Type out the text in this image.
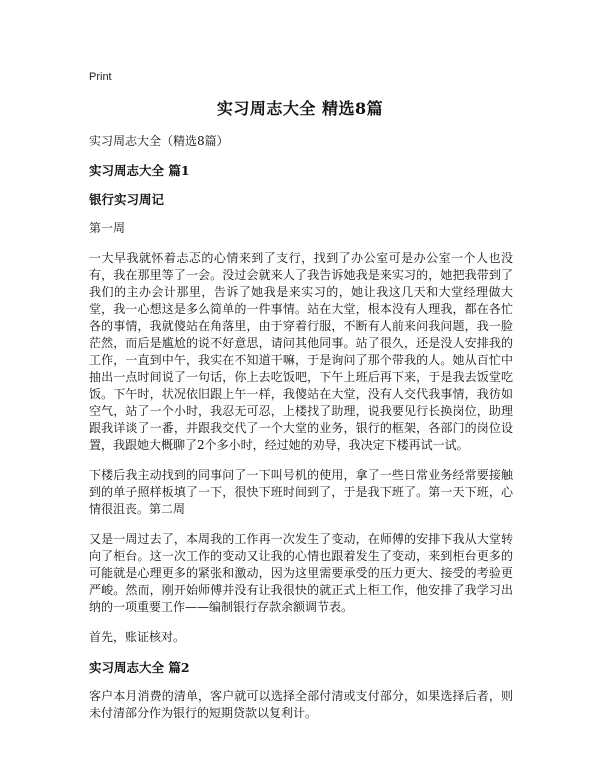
Print
实习周志大全 精选8篇
实习周志大全（精选8篇）
实习周志大全 篇1
银行实习周记

第一周

一大早我就怀着忐忑的心情来到了支行，找到了办公室可是办公室一个人也没有，我在那里等了一会。没过会就来人了我告诉她我是来实习的，她把我带到了我们的主办会计那里，告诉了她我是来实习的，她让我这几天和大堂经理做大堂，我一心想这是多么简单的一件事情。站在大堂，根本没有人理我，都在各忙各的事情，我就傻站在角落里，由于穿着行服，不断有人前来问我问题，我一脸茫然，而后是尴尬的说不好意思，请问其他同事。站了很久，还是没人安排我的工作，一直到中午，我实在不知道干嘛，于是询问了那个带我的人。她从百忙中抽出一点时间说了一句话，你上去吃饭吧，下午上班后再下来，于是我去饭堂吃饭。下午时，状况依旧跟上午一样，我傻站在大堂，没有人交代我事情，我彷如空气，站了一个小时，我忍无可忍，上楼找了助理，说我要见行长换岗位，助理跟我详谈了一番，并跟我交代了一个大堂的业务，银行的框架，各部门的岗位设置，我跟她大概聊了2个多小时，经过她的劝导，我决定下楼再试一试。

下楼后我主动找到的同事问了一下叫号机的使用，拿了一些日常业务经常要接触到的单子照样板填了一下，很快下班时间到了，于是我下班了。第一天下班，心情很沮丧。第二周

又是一周过去了，本周我的工作再一次发生了变动，在师傅的安排下我从大堂转向了柜台。这一次工作的变动又让我的心情也跟着发生了变动，来到柜台更多的可能就是心理更多的紧张和激动，因为这里需要承受的压力更大、接受的考验更严峻。然而，刚开始师傅并没有让我很快的就正式上柜工作，他安排了我学习出纳的一项重要工作——编制银行存款余额调节表。

首先，账证核对。

实习周志大全 篇2

客户本月消费的清单，客户就可以选择全部付清或支付部分，如果选择后者，则未付清部分作为银行的短期贷款以复利计。
